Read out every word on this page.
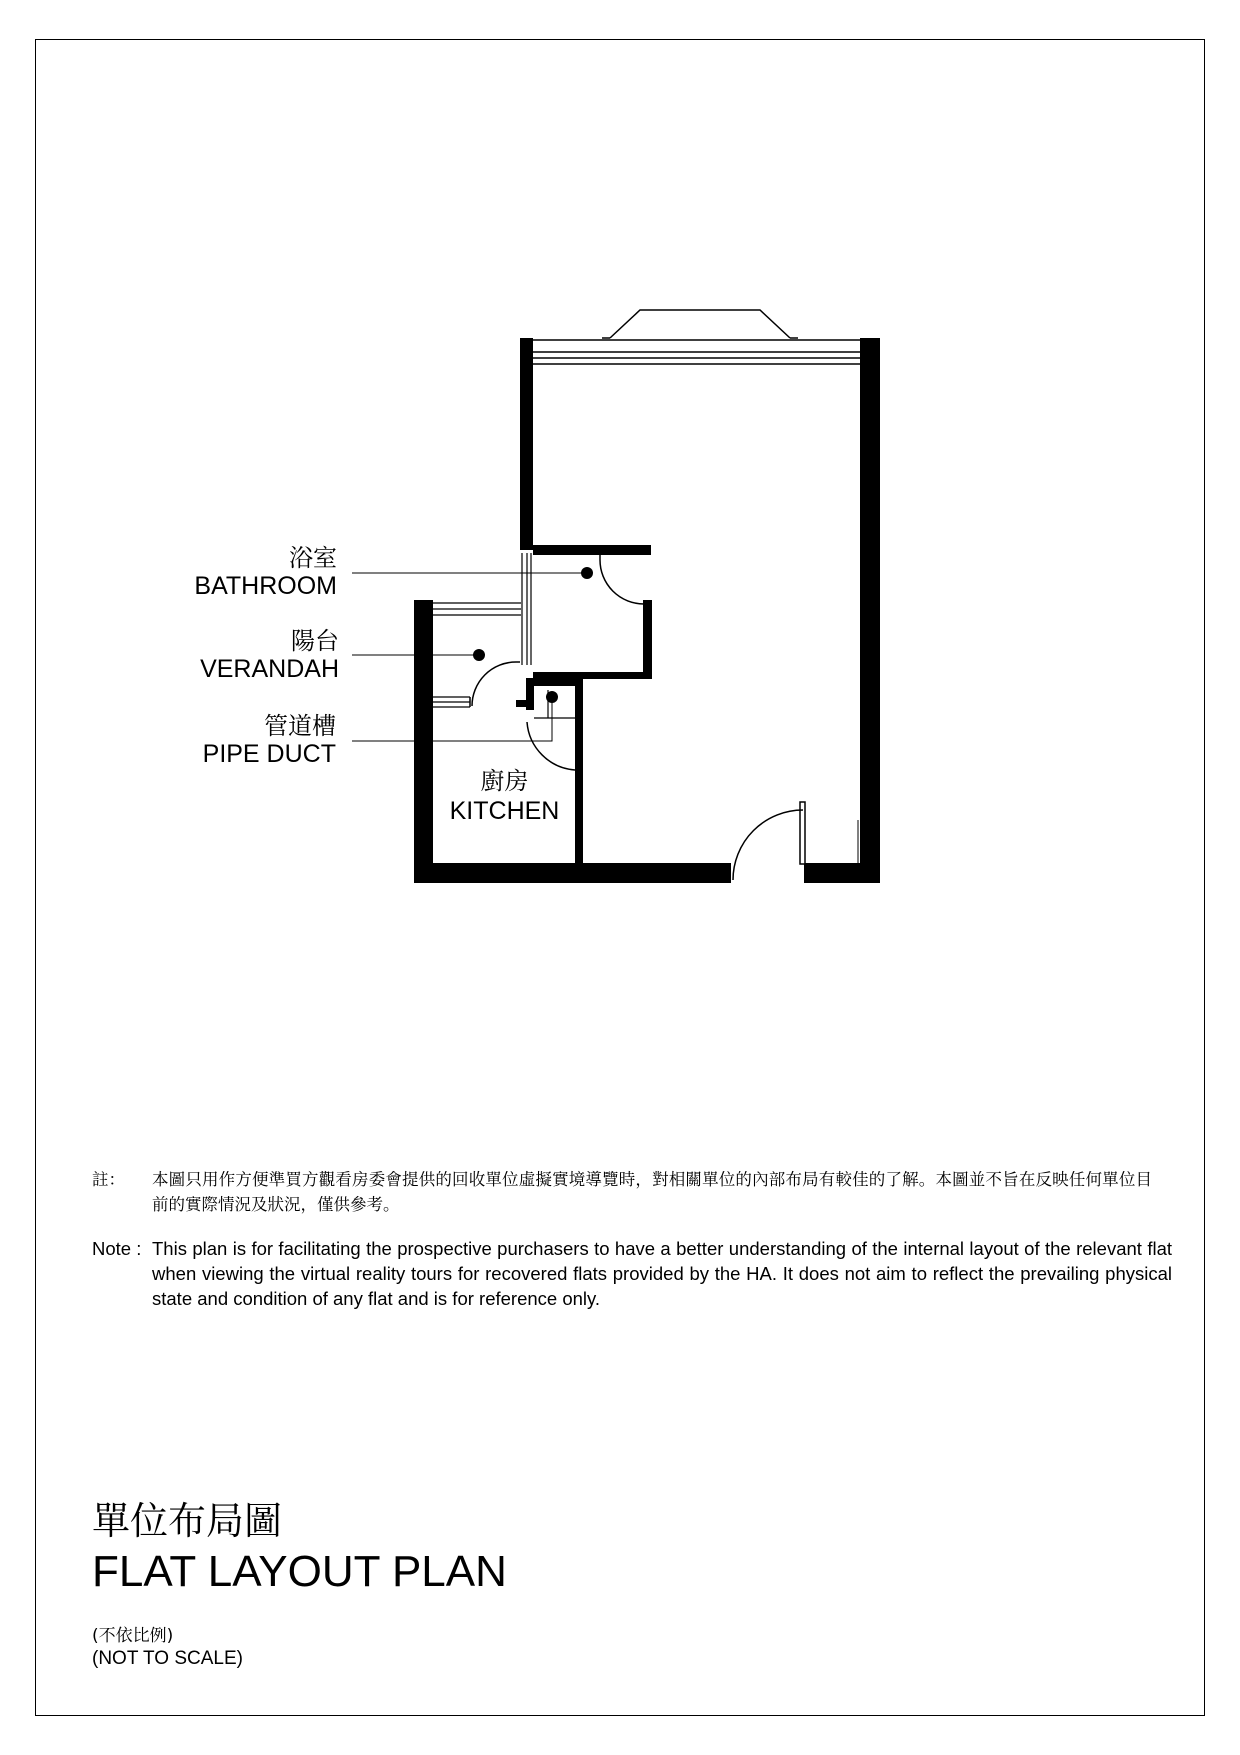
浴室
BATHROOM
陽台
VERANDAH
管道槽
PIPE DUCT
廚房
KITCHEN
註：	本圖只用作方便準買方觀看房委會提供的回收單位虛擬實境導覽時，對相關單位的內部布局有較佳的了解。本圖並不旨在反映任何單位目前的實際情況及狀況，僅供參考。
Note : This plan is for facilitating the prospective purchasers to have a better understanding of the internal layout of the relevant flat when viewing the virtual reality tours for recovered flats provided by the HA. It does not aim to reflect the prevailing physical state and condition of any flat and is for reference only.
單位布局圖
FLAT LAYOUT PLAN
(不依比例)
(NOT TO SCALE)
